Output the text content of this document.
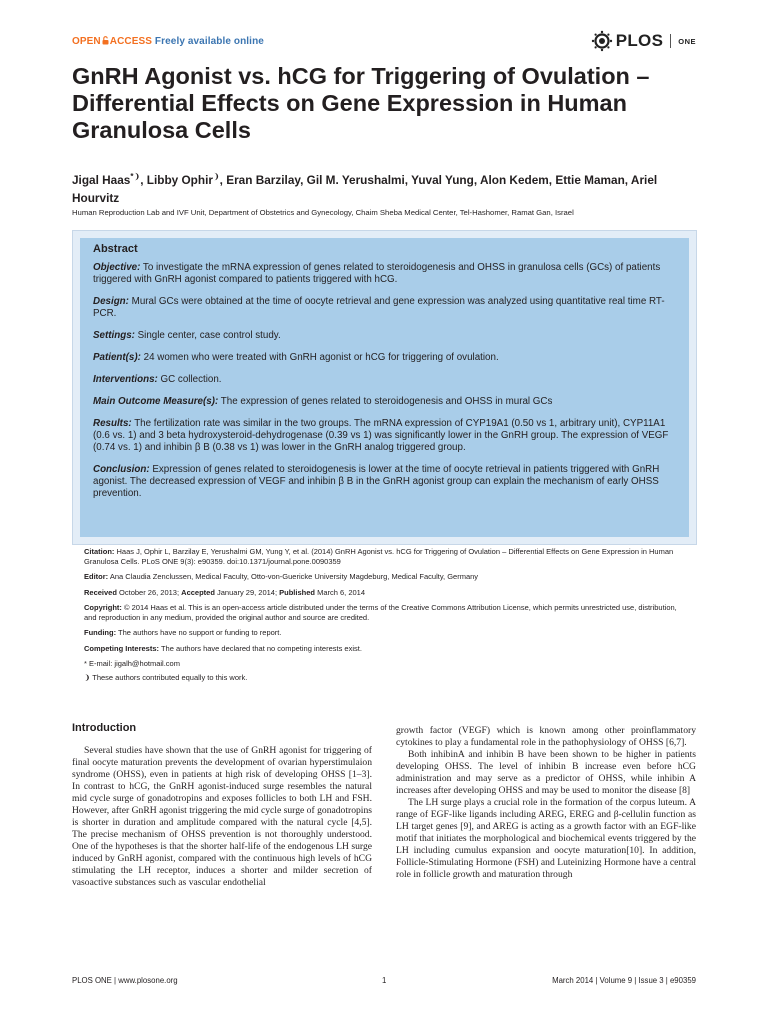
OPEN ACCESS Freely available online	PLOS ONE
GnRH Agonist vs. hCG for Triggering of Ovulation – Differential Effects on Gene Expression in Human Granulosa Cells

Jigal Haas*❩, Libby Ophir❩, Eran Barzilay, Gil M. Yerushalmi, Yuval Yung, Alon Kedem, Ettie Maman, Ariel Hourvitz

Human Reproduction Lab and IVF Unit, Department of Obstetrics and Gynecology, Chaim Sheba Medical Center, Tel-Hashomer, Ramat Gan, Israel
Abstract

Objective: To investigate the mRNA expression of genes related to steroidogenesis and OHSS in granulosa cells (GCs) of patients triggered with GnRH agonist compared to patients triggered with hCG.

Design: Mural GCs were obtained at the time of oocyte retrieval and gene expression was analyzed using quantitative real time RT-PCR.

Settings: Single center, case control study.

Patient(s): 24 women who were treated with GnRH agonist or hCG for triggering of ovulation.

Interventions: GC collection.

Main Outcome Measure(s): The expression of genes related to steroidogenesis and OHSS in mural GCs

Results: The fertilization rate was similar in the two groups. The mRNA expression of CYP19A1 (0.50 vs 1, arbitrary unit), CYP11A1 (0.6 vs. 1) and 3 beta hydroxysteroid-dehydrogenase (0.39 vs 1) was significantly lower in the GnRH group. The expression of VEGF (0.74 vs. 1) and inhibin β B (0.38 vs 1) was lower in the GnRH analog triggered group.

Conclusion: Expression of genes related to steroidogenesis is lower at the time of oocyte retrieval in patients triggered with GnRH agonist. The decreased expression of VEGF and inhibin β B in the GnRH agonist group can explain the mechanism of early OHSS prevention.

Citation: Haas J, Ophir L, Barzilay E, Yerushalmi GM, Yung Y, et al. (2014) GnRH Agonist vs. hCG for Triggering of Ovulation – Differential Effects on Gene Expression in Human Granulosa Cells. PLoS ONE 9(3): e90359. doi:10.1371/journal.pone.0090359

Editor: Ana Claudia Zenclussen, Medical Faculty, Otto-von-Guericke University Magdeburg, Medical Faculty, Germany

Received October 26, 2013; Accepted January 29, 2014; Published March 6, 2014

Copyright: © 2014 Haas et al. This is an open-access article distributed under the terms of the Creative Commons Attribution License, which permits unrestricted use, distribution, and reproduction in any medium, provided the original author and source are credited.

Funding: The authors have no support or funding to report.

Competing Interests: The authors have declared that no competing interests exist.

* E-mail: jigalh@hotmail.com

❩ These authors contributed equally to this work.

Introduction

Several studies have shown that the use of GnRH agonist for triggering of final oocyte maturation prevents the development of ovarian hyperstimulaion syndrome (OHSS), even in patients at high risk of developing OHSS [1–3]. In contrast to hCG, the GnRH agonist-induced surge resembles the natural mid cycle surge of gonadotropins and exposes follicles to both LH and FSH. However, after GnRH agonist triggering the mid cycle surge of gonadotropins is shorter in duration and amplitude compared with the natural cycle [4,5]. The precise mechanism of OHSS prevention is not thoroughly understood. One of the hypotheses is that the shorter half-life of the endogenous LH surge induced by GnRH agonist, compared with the continuous high levels of hCG stimulating the LH receptor, induces a shorter and milder secretion of vasoactive substances such as vascular endothelial

growth factor (VEGF) which is known among other proinflammatory cytokines to play a fundamental role in the pathophysiology of OHSS [6,7].

Both inhibinA and inhibin B have been shown to be higher in patients developing OHSS. The level of inhibin B increase even before hCG administration and may serve as a predictor of OHSS, while inhibin A increases after developing OHSS and may be used to monitor the disease [8]

The LH surge plays a crucial role in the formation of the corpus luteum. A range of EGF-like ligands including AREG, EREG and β-cellulin function as LH target genes [9], and AREG is acting as a growth factor with an EGF-like motif that initiates the morphological and biochemical events triggered by the LH including cumulus expansion and oocyte maturation[10]. In addition, Follicle-Stimulating Hormone (FSH) and Luteinizing Hormone have a central role in follicle growth and maturation through

PLOS ONE | www.plosone.org	1	March 2014 | Volume 9 | Issue 3 | e90359
